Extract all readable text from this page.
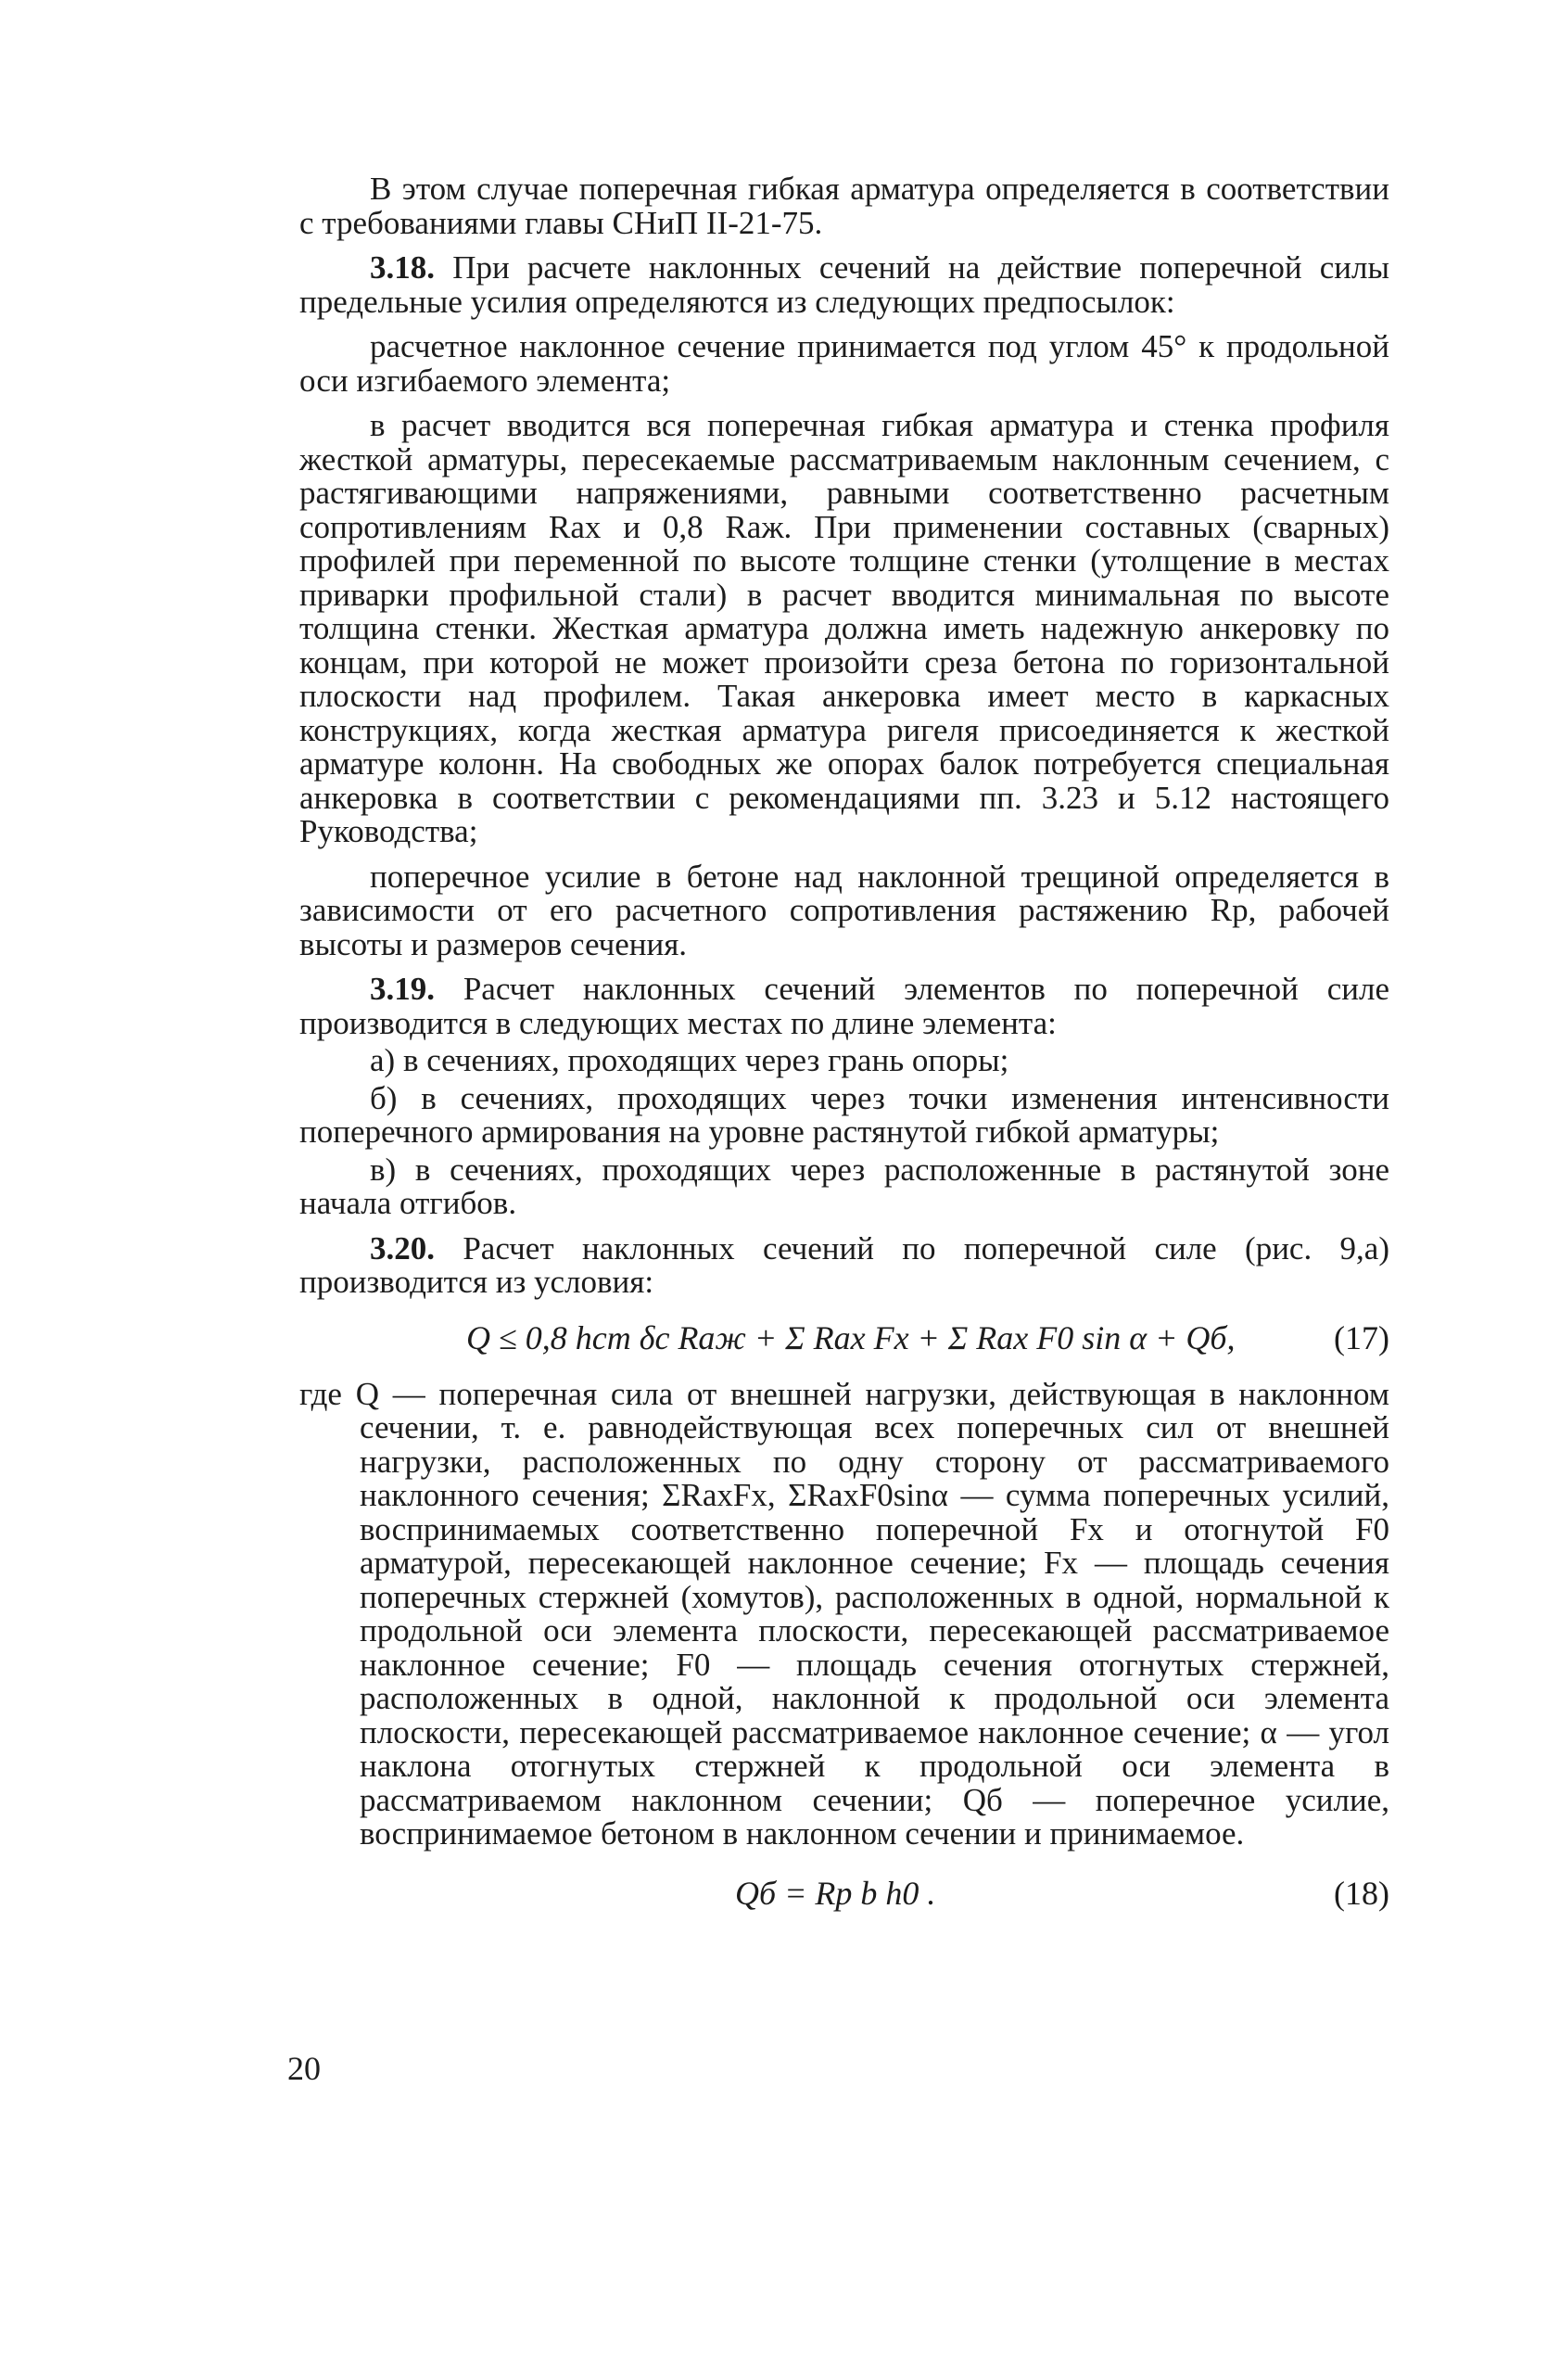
В этом случае поперечная гибкая арматура определяется в соответствии с требованиями главы СНиП II-21-75.

3.18. При расчете наклонных сечений на действие поперечной силы предельные усилия определяются из следующих предпосылок:

расчетное наклонное сечение принимается под углом 45° к продольной оси изгибаемого элемента;

в расчет вводится вся поперечная гибкая арматура и стенка профиля жесткой арматуры, пересекаемые рассматриваемым наклонным сечением, с растягивающими напряжениями, равными соответственно расчетным сопротивлениям Rax и 0,8 Rаж. При применении составных (сварных) профилей при переменной по высоте толщине стенки (утолщение в местах приварки профильной стали) в расчет вводится минимальная по высоте толщина стенки. Жесткая арматура должна иметь надежную анкеровку по концам, при которой не может произойти среза бетона по горизонтальной плоскости над профилем. Такая анкеровка имеет место в каркасных конструкциях, когда жесткая арматура ригеля присоединяется к жесткой арматуре колонн. На свободных же опорах балок потребуется специальная анкеровка в соответствии с рекомендациями пп. 3.23 и 5.12 настоящего Руководства;

поперечное усилие в бетоне над наклонной трещиной определяется в зависимости от его расчетного сопротивления растяжению Rp, рабочей высоты и размеров сечения.

3.19. Расчет наклонных сечений элементов по поперечной силе производится в следующих местах по длине элемента:

а) в сечениях, проходящих через грань опоры;

б) в сечениях, проходящих через точки изменения интенсивности поперечного армирования на уровне растянутой гибкой арматуры;

в) в сечениях, проходящих через расположенные в растянутой зоне начала отгибов.

3.20. Расчет наклонных сечений по поперечной силе (рис. 9,а) производится из условия:

Q ≤ 0,8 hст δс Rаж + Σ Rах Fх + Σ Rах F0 sin α + Qб,	(17)

где Q — поперечная сила от внешней нагрузки, действующая в наклонном сечении, т. е. равнодействующая всех поперечных сил от внешней нагрузки, расположенных по одну сторону от рассматриваемого наклонного сечения; ΣRахFх, ΣRахF0sinα — сумма поперечных усилий, воспринимаемых соответственно поперечной Fх и отогнутой F0 арматурой, пересекающей наклонное сечение; Fх — площадь сечения поперечных стержней (хомутов), расположенных в одной, нормальной к продольной оси элемента плоскости, пересекающей рассматриваемое наклонное сечение; F0 — площадь сечения отогнутых стержней, расположенных в одной, наклонной к продольной оси элемента плоскости, пересекающей рассматриваемое наклонное сечение; α — угол наклона отогнутых стержней к продольной оси элемента в рассматриваемом наклонном сечении; Qб — поперечное усилие, воспринимаемое бетоном в наклонном сечении и принимаемое.

Qб = Rр b h0 .	(18)
20
